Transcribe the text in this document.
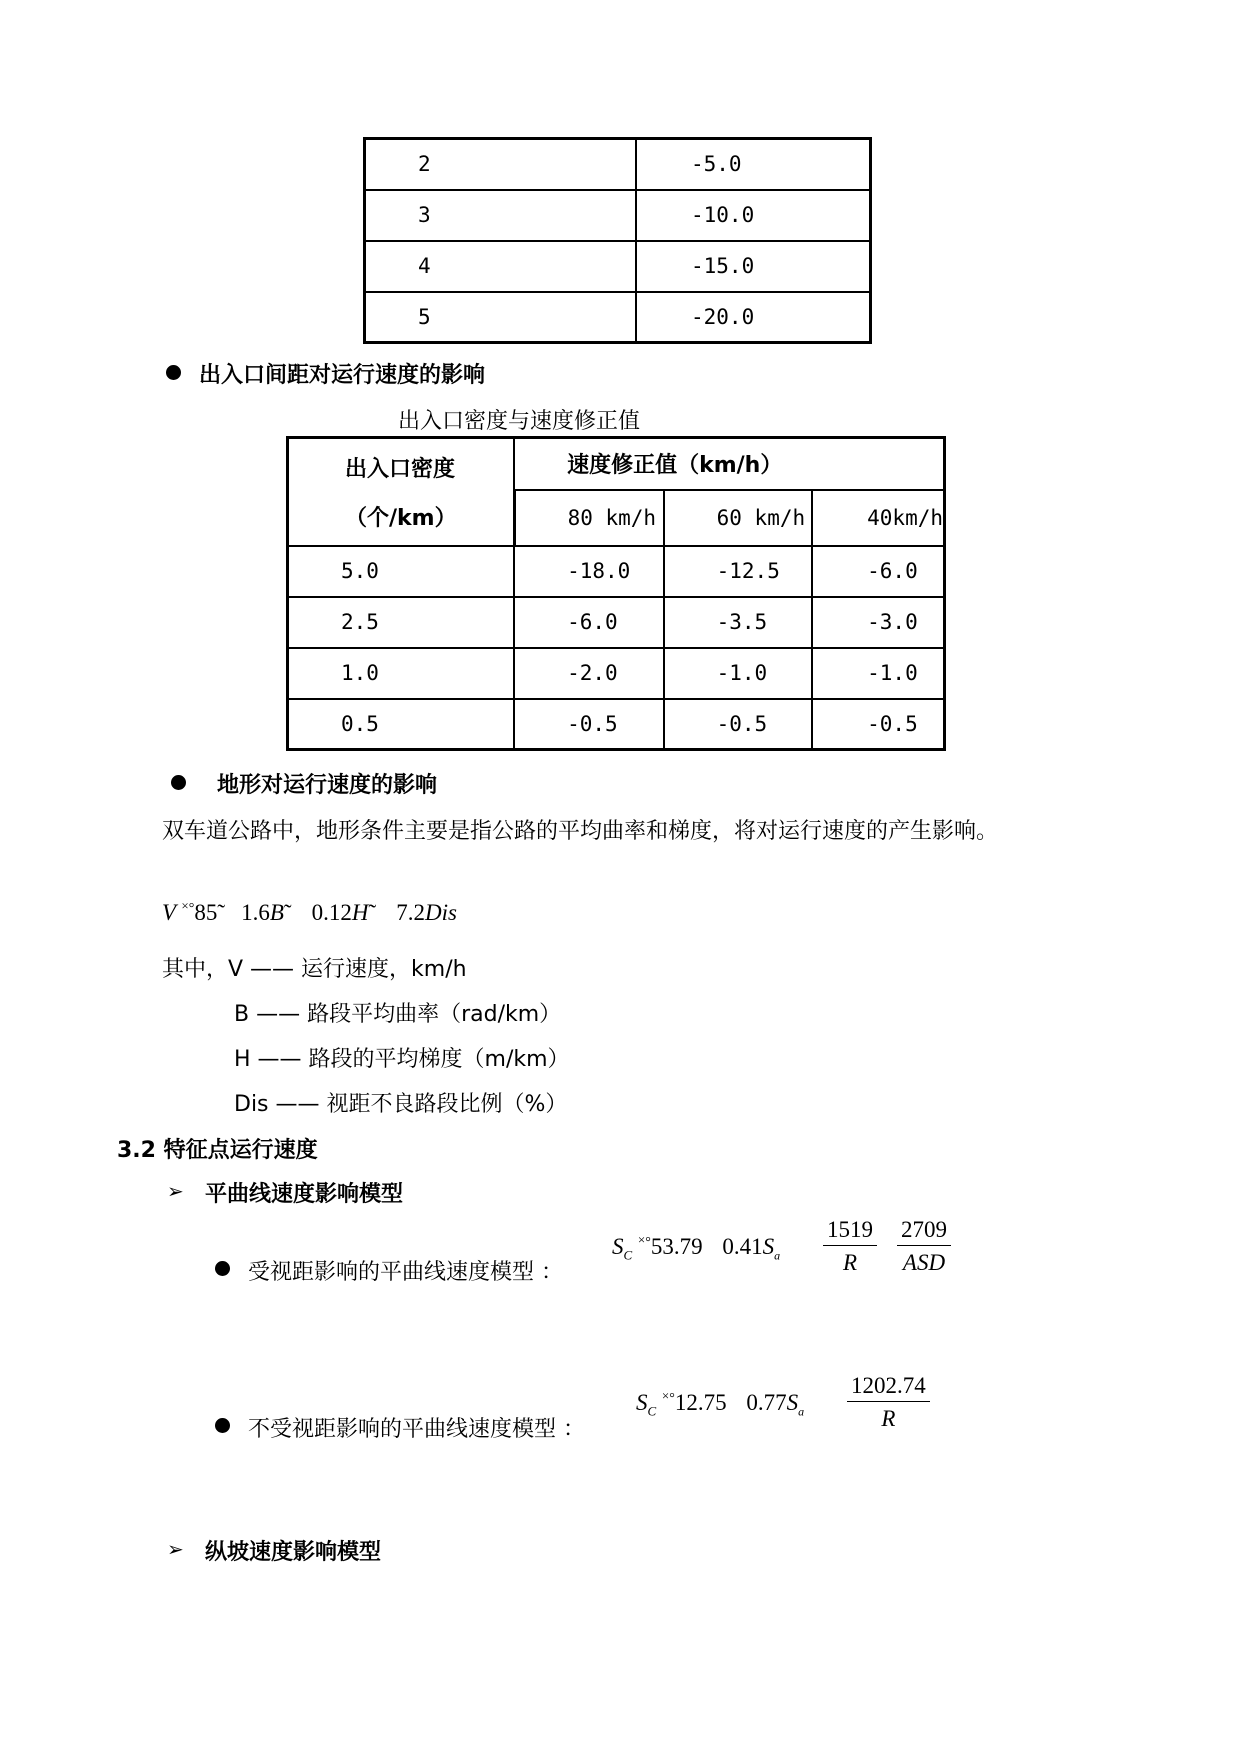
2	-5.0
3	-10.0
4	-15.0
5	-20.0
出入口间距对运行速度的影响
出入口密度与速度修正值
出入口密度
（个/km）	速度修正值（km/h）		
	80 km/h	60 km/h	40km/h
5.0	-18.0	-12.5	-6.0
2.5	-6.0	-3.5	-3.0
1.0	-2.0	-1.0	-1.0
0.5	-0.5	-0.5	-0.5
地形对运行速度的影响
双车道公路中，地形条件主要是指公路的平均曲率和梯度，将对运行速度的产生影响。
V ×°85 1.6B 0.12H 7.2Dis
其中，V —— 运行速度，km/h
B —— 路段平均曲率（rad/km）
H —— 路段的平均梯度（m/km）
Dis —— 视距不良路段比例（%）
3.2 特征点运行速度
➢ 平曲线速度影响模型
受视距影响的平曲线速度模型 ：
$S_C$ ×°53.79 $0.41S_a \frac{1519}{R} 2709$
ASD
不受视距影响的平曲线速度模型 ：
$S_C$ ×°12.75 $0.77S_a \frac{1202.74}{R}$
➢ 纵坡速度影响模型
